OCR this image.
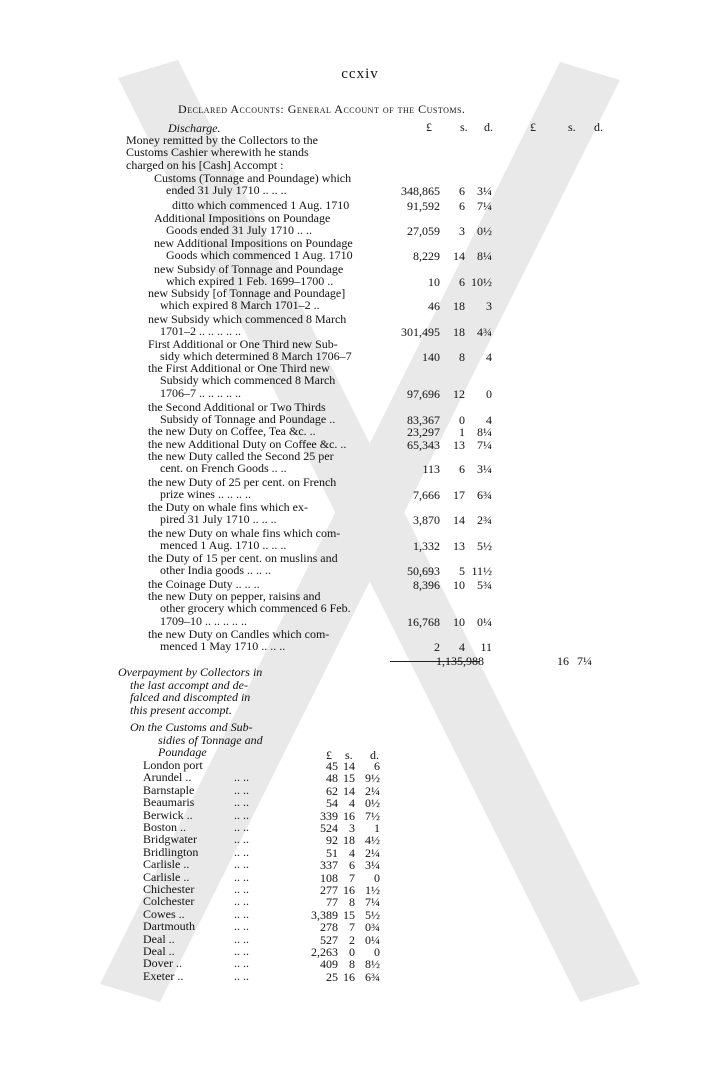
ccxiv
Declared Accounts: General Account of the Customs.
£ s. d.	£	s. d.
Discharge.
Money remitted by the Collectors to the
Customs Cashier wherewith he stands
charged on his [Cash] Accompt :
Customs (Tonnage and Poundage) which
ended 31 July 1710 .. .. ..	348,865 6 3¼
ditto which commenced 1 Aug. 1710	91,592 6 7¼
Additional Impositions on Poundage
Goods ended 31 July 1710 .. ..	27,059 3 0½
new Additional Impositions on Poundage
Goods which commenced 1 Aug. 1710	8,229 14 8¼
new Subsidy of Tonnage and Poundage
which expired 1 Feb. 1699–1700 ..	10 6 10½
new Subsidy [of Tonnage and Poundage]
which expired 8 March 1701–2 ..	46 18 3
new Subsidy which commenced 8 March
1701–2 .. .. .. .. ..	301,495 18 4¾
First Additional or One Third new Sub-
sidy which determined 8 March 1706–7	140 8 4
the First Additional or One Third new
Subsidy which commenced 8 March
1706–7 .. .. .. .. ..	97,696 12 0
the Second Additional or Two Thirds
Subsidy of Tonnage and Poundage ..	83,367 0 4
the new Duty on Coffee, Tea &c. ..	23,297 1 8¼
the new Additional Duty on Coffee &c. ..	65,343 13 7¼
the new Duty called the Second 25 per
cent. on French Goods .. ..	113 6 3¼
the new Duty of 25 per cent. on French
prize wines .. .. .. ..	7,666 17 6¾
the Duty on whale fins which ex-
pired 31 July 1710 .. .. ..	3,870 14 2¾
the new Duty on whale fins which com-
menced 1 Aug. 1710 .. .. ..	1,332 13 5½
the Duty of 15 per cent. on muslins and
other India goods .. .. ..	50,693 5 11½
the Coinage Duty .. .. ..	8,396 10 5¾
the new Duty on pepper, raisins and
other grocery which commenced 6 Feb.
1709–10 .. .. .. .. ..	16,768 10 0¼
the new Duty on Candles which com-
menced 1 May 1710 .. .. ..	2 4 11
1,135,988	16 7¼
Overpayment by Collectors in
the last accompt and de-
falced and discompted in
this present accompt.
On the Customs and Sub-
sidies of Tonnage and
Poundage	£ s. d.
London port	45 14 6
Arundel ..	.. ..	48 15 9½
Barnstaple	.. ..	62 14 2¼
Beaumaris	.. ..	54 4 0½
Berwick ..	.. ..	339 16 7½
Boston ..	.. ..	524 3 1
Bridgwater	.. ..	92 18 4½
Bridlington	.. ..	51 4 2¼
Carlisle ..	.. ..	337 6 3¼
Carlisle ..	.. ..	108 7 0
Chichester	.. ..	277 16 1½
Colchester	.. ..	77 8 7¼
Cowes ..	.. ..	3,389 15 5½
Dartmouth	.. ..	278 7 0¾
Deal ..	.. ..	527 2 0¼
Deal ..	.. ..	2,263 0 0
Dover ..	.. ..	409 8 8½
Exeter ..	.. ..	25 16 6¾
